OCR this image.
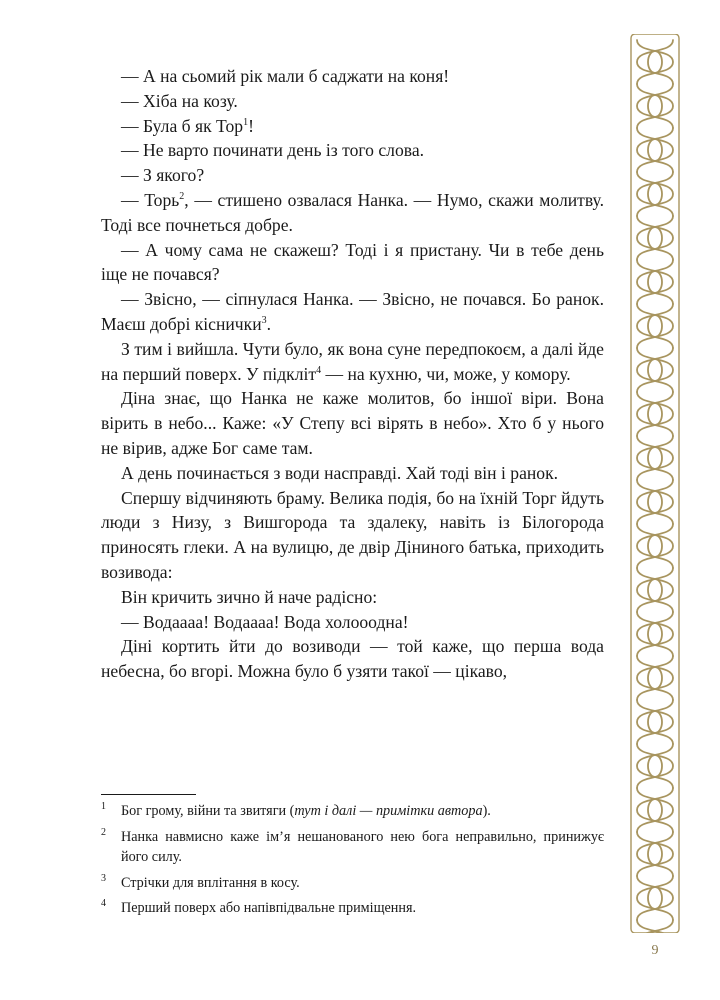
— А на сьомий рік мали б саджати на коня!

— Хіба на козу.

— Була б як Тор$^1$!

— Не варто починати день із того слова.

— З якого?

— Торь$^2$, — стишено озвалася Нанка. — Нумо, скажи молитву. Тоді все почнеться добре.

— А чому сама не скажеш? Тоді і я пристану. Чи в тебе день іще не почався?

— Звісно, — сіпнулася Нанка. — Звісно, не почався. Бо ранок. Маєш добрі кіснички$^3$.

З тим і вийшла. Чути було, як вона суне передпокоєм, а далі йде на перший поверх. У підкліт$^4$ — на кухню, чи, може, у комору.

Діна знає, що Нанка не каже молитов, бо іншої віри. Вона вірить в небо... Каже: «У Степу всі вірять в небо». Хто б у нього не вірив, адже Бог саме там.

А день починається з води насправді. Хай тоді він і ранок.

Спершу відчиняють браму. Велика подія, бо на їхній Торг йдуть люди з Низу, з Вишгорода та здалеку, навіть із Білогорода приносять глеки. А на вулицю, де двір Діниного батька, приходить возивода:

Він кричить зично й наче радісно:

— Водаааа! Водаааа! Вода холооодна!

Діні кортить йти до возиводи — той каже, що перша вода небесна, бо вгорі. Можна було б узяти такої — цікаво,

1 Бог грому, війни та звитяги (тут і далі — примітки автора).
2 Нанка навмисно каже ім’я нешанованого нею бога неправильно, принижує його силу.
3 Стрічки для вплітання в косу.
4 Перший поверх або напівпідвальне приміщення.
9
